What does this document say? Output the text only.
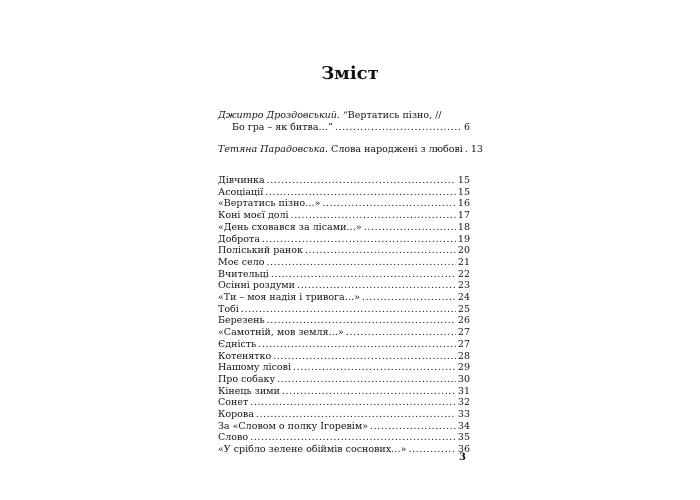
Зміст
Джитро Дроздовський. “Вертатись пізно, //
Бо гра – як битва…” .....	6
Тетяна Парадовська. Слова народжені з любові ..... 13
Дівчинка .....	15
Асоціації .....	15
«Вертатись пізно…» .....	16
Коні моєї долі .....	17
«День сховався за лісами…» .....	18
Доброта .....	19
Поліський ранок .....	20
Моє село .....	21
Вчительці .....	22
Осінні роздуми .....	23
«Ти – моя надія і тривога…» .....	24
Тобі .....	25
Березень .....	26
«Самотній, мов земля…» .....	27
Єдність .....	27
Котенятко .....	28
Нашому лісові .....	29
Про собаку .....	30
Кінець зими .....	31
Сонет .....	32
Корова .....	33
За «Словом о полку Ігоревім» .....	34
Слово .....	35
«У срібло зелене обіймів соснових…» .....	36
3
